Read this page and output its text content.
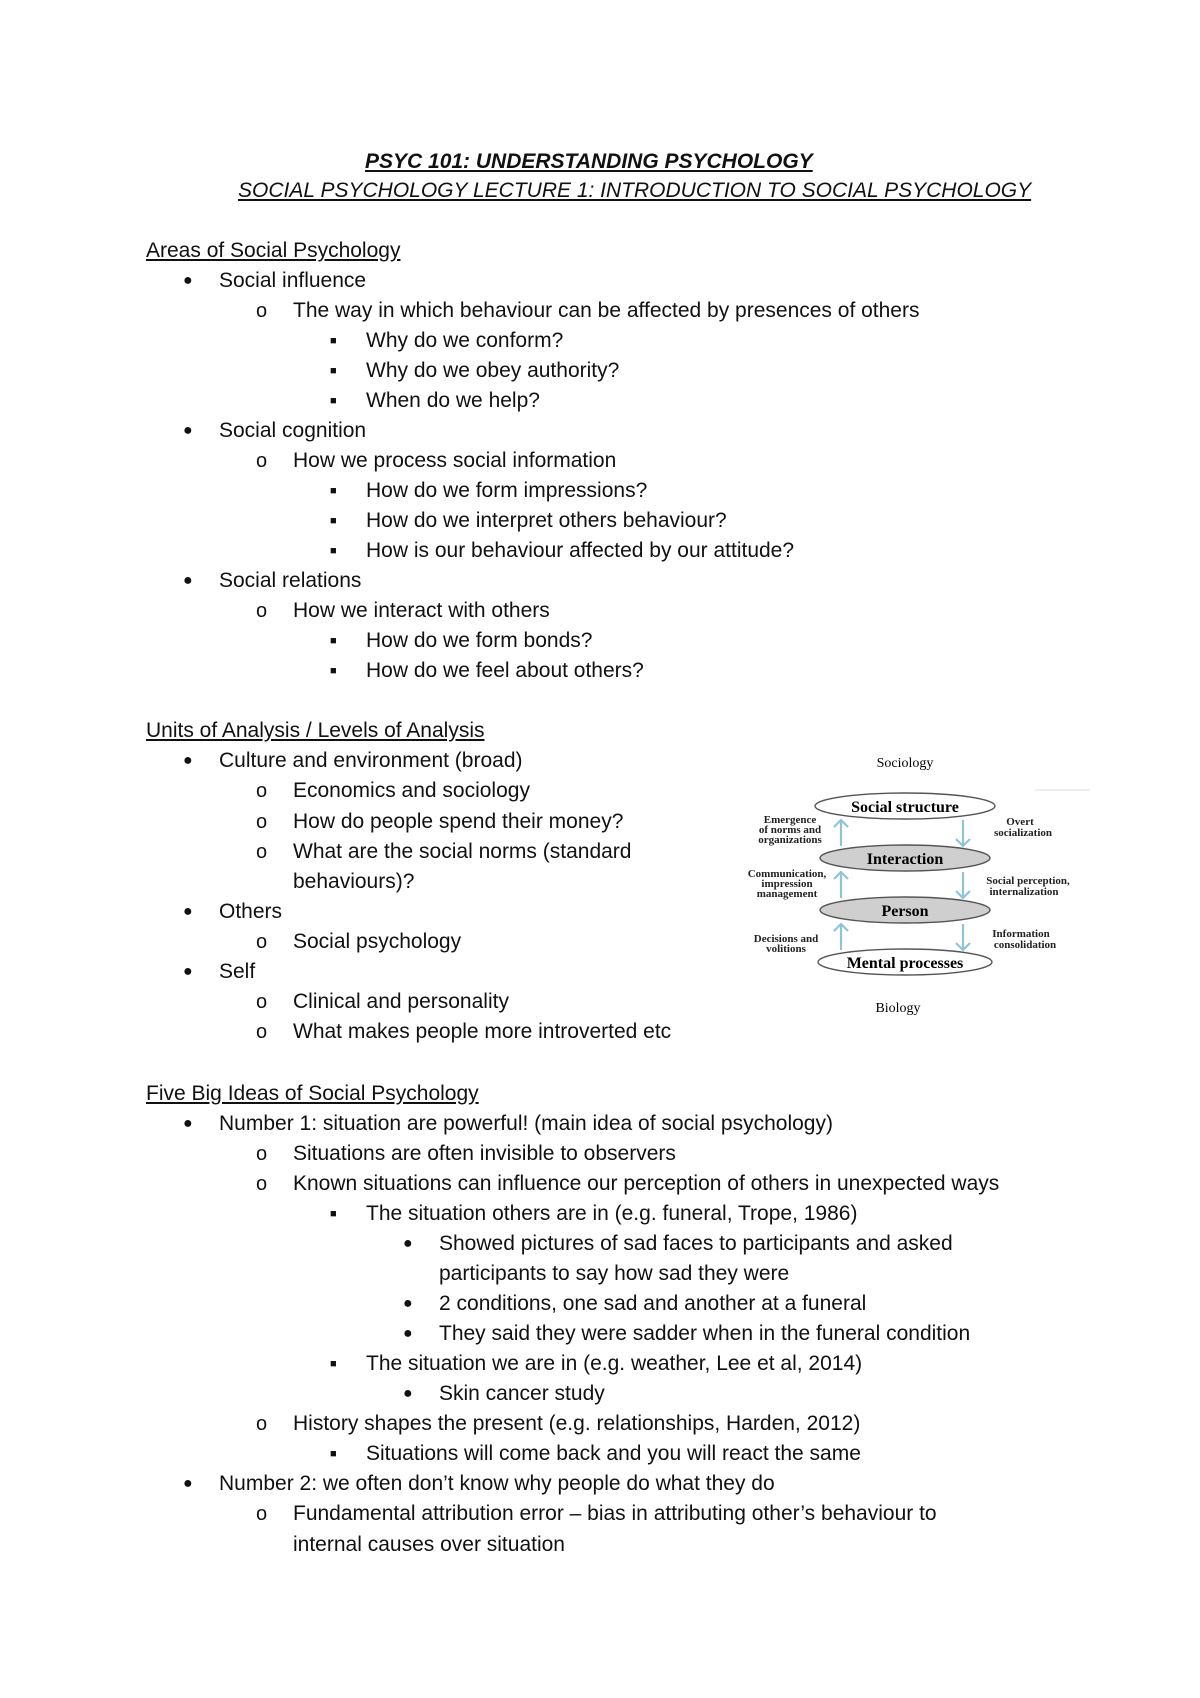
PSYC 101: UNDERSTANDING PSYCHOLOGY
SOCIAL PSYCHOLOGY LECTURE 1: INTRODUCTION TO SOCIAL PSYCHOLOGY
Areas of Social Psychology
● Social influence
o The way in which behaviour can be affected by presences of others
■ Why do we conform?
■ Why do we obey authority?
■ When do we help?
● Social cognition
o How we process social information
■ How do we form impressions?
■ How do we interpret others behaviour?
■ How is our behaviour affected by our attitude?
● Social relations
o How we interact with others
■ How do we form bonds?
■ How do we feel about others?
Units of Analysis / Levels of Analysis
● Culture and environment (broad)
o Economics and sociology
o How do people spend their money?
o What are the social norms (standard
behaviours)?
● Others
o Social psychology
● Self
o Clinical and personality
o What makes people more introverted etc
Sociology
Social structure
Interaction
Person
Mental processes
Emergence
of norms and
organizations
Communication,
impression
management
Decisions and
volitions
Overt
socialization
Social perception,
internalization
Information
consolidation
Biology
Five Big Ideas of Social Psychology
● Number 1: situation are powerful! (main idea of social psychology)
o Situations are often invisible to observers
o Known situations can influence our perception of others in unexpected ways
■ The situation others are in (e.g. funeral, Trope, 1986)
● Showed pictures of sad faces to participants and asked
participants to say how sad they were
● 2 conditions, one sad and another at a funeral
● They said they were sadder when in the funeral condition
■ The situation we are in (e.g. weather, Lee et al, 2014)
● Skin cancer study
o History shapes the present (e.g. relationships, Harden, 2012)
■ Situations will come back and you will react the same
● Number 2: we often don’t know why people do what they do
o Fundamental attribution error – bias in attributing other’s behaviour to
internal causes over situation
